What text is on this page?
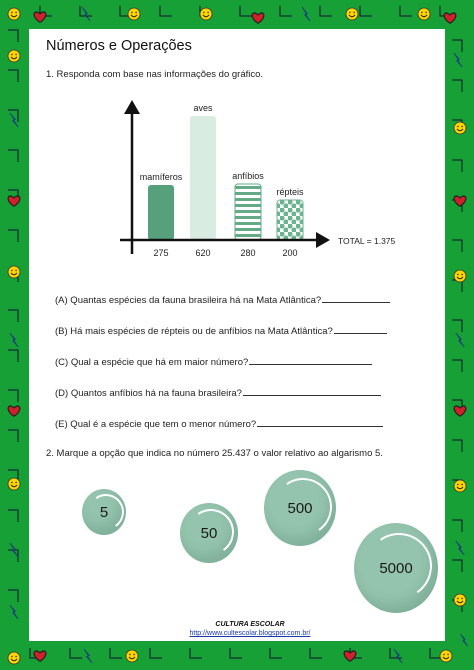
Números e Operações
1. Responda com base nas informações do gráfico.
mamíferos
275
aves
620
anfíbios
280
répteis
200
TOTAL = 1.375
(A) Quantas espécies da fauna brasileira há na Mata Atlântica?
(B) Há mais espécies de répteis ou de anfíbios na Mata Atlântica?
(C) Qual a espécie que há em maior número?
(D) Quantos anfíbios há na fauna brasileira?
(E) Qual é a espécie que tem o menor número?
2. Marque a opção que indica no número 25.437 o valor relativo ao algarismo 5.
5
50
500
5000
CULTURA ESCOLAR
http://www.cultescolar.blogspot.com.br/
